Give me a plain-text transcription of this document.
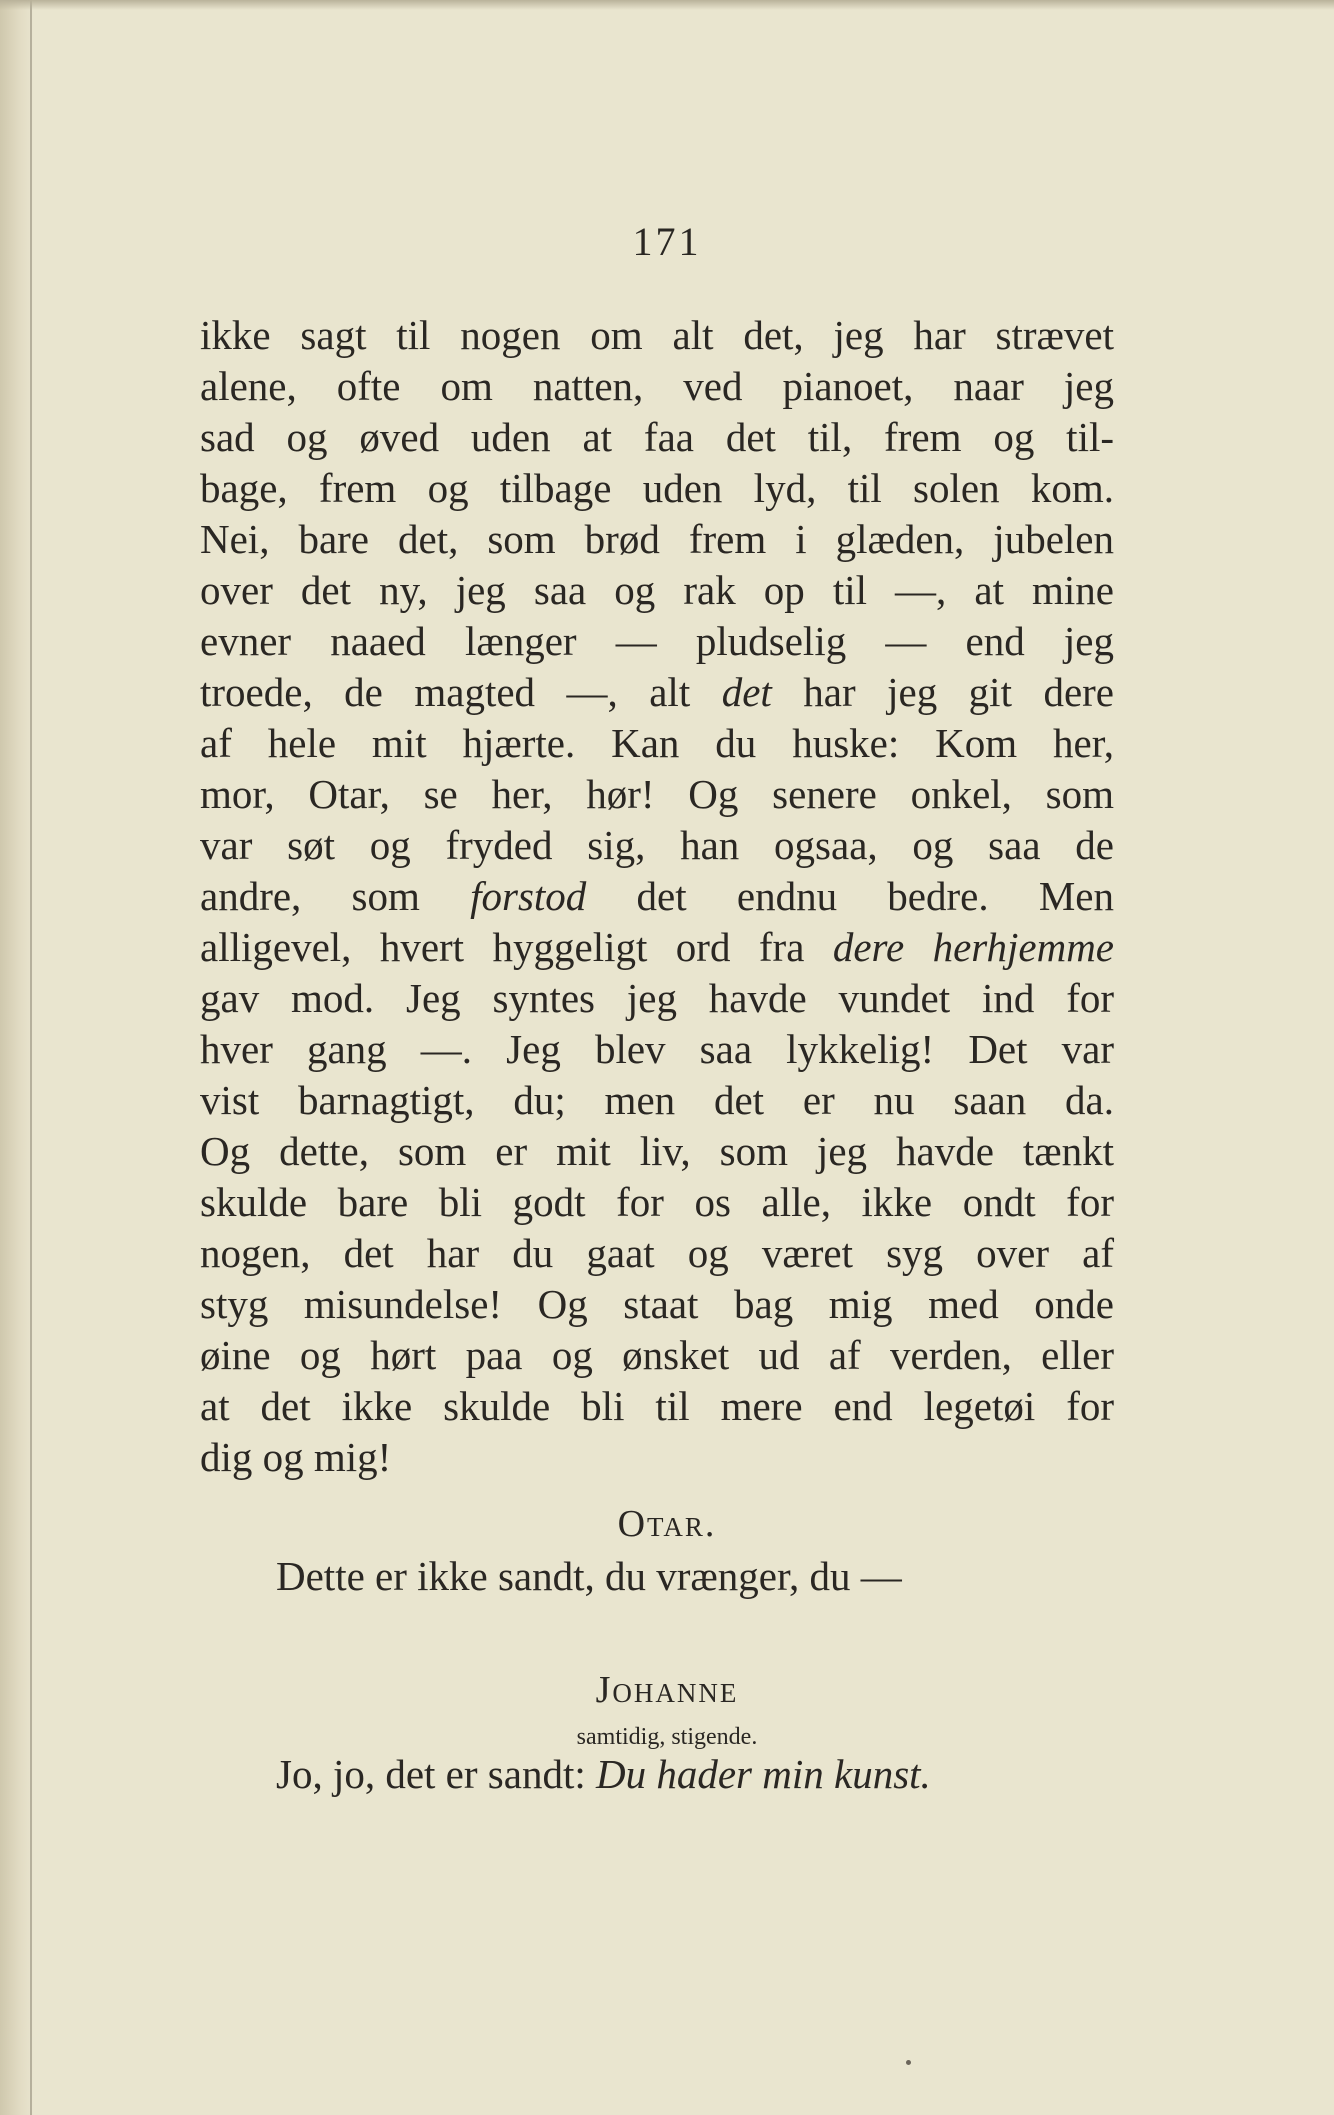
171
ikke sagt til nogen om alt det, jeg har strævet
alene, ofte om natten, ved pianoet, naar jeg
sad og øved uden at faa det til, frem og til-
bage, frem og tilbage uden lyd, til solen kom.
Nei, bare det, som brød frem i glæden, jubelen
over det ny, jeg saa og rak op til —, at mine
evner naaed længer — pludselig — end jeg
troede, de magted —, alt det har jeg git dere
af hele mit hjærte. Kan du huske: Kom her,
mor, Otar, se her, hør! Og senere onkel, som
var søt og fryded sig, han ogsaa, og saa de
andre, som forstod det endnu bedre. Men
alligevel, hvert hyggeligt ord fra dere herhjemme
gav mod. Jeg syntes jeg havde vundet ind for
hver gang —. Jeg blev saa lykkelig! Det var
vist barnagtigt, du; men det er nu saan da.
Og dette, som er mit liv, som jeg havde tænkt
skulde bare bli godt for os alle, ikke ondt for
nogen, det har du gaat og været syg over af
styg misundelse! Og staat bag mig med onde
øine og hørt paa og ønsket ud af verden, eller
at det ikke skulde bli til mere end legetøi for
dig og mig!
Otar.
Dette er ikke sandt, du vrænger, du —
Johanne
samtidig, stigende.
Jo, jo, det er sandt: Du hader min kunst.
